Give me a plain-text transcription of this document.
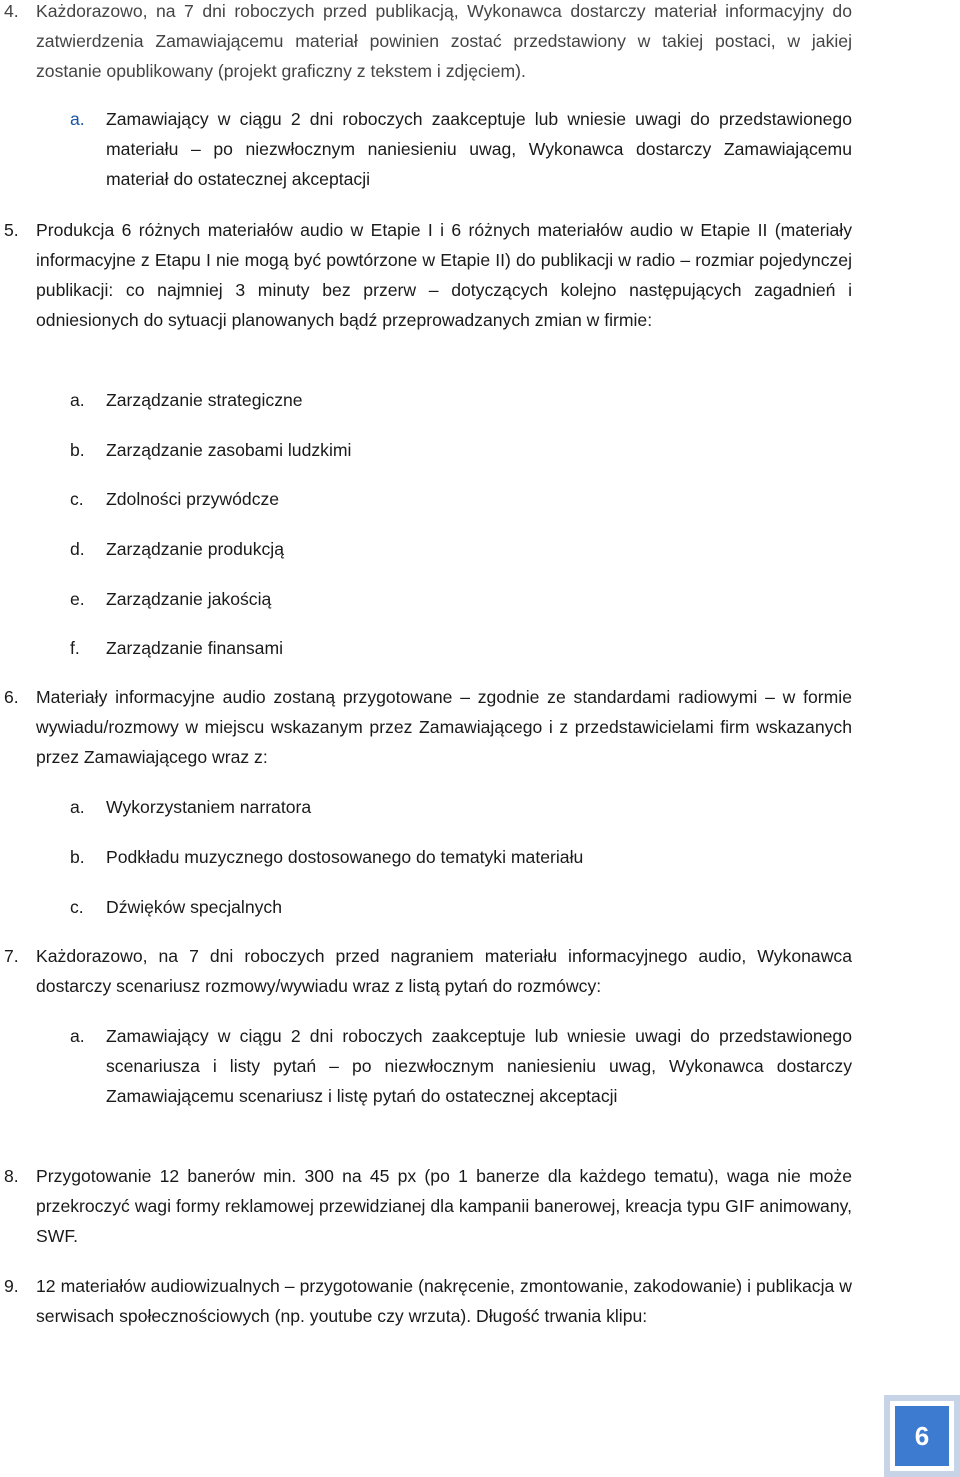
4. Każdorazowo, na 7 dni roboczych przed publikacją, Wykonawca dostarczy materiał informacyjny do zatwierdzenia Zamawiającemu materiał powinien zostać przedstawiony w takiej postaci, w jakiej zostanie opublikowany (projekt graficzny z tekstem i zdjęciem).
a. Zamawiający w ciągu 2 dni roboczych zaakceptuje lub wniesie uwagi do przedstawionego materiału – po niezwłocznym naniesieniu uwag, Wykonawca dostarczy Zamawiającemu materiał do ostatecznej akceptacji
5. Produkcja 6 różnych materiałów audio w Etapie I i 6 różnych materiałów audio w Etapie II (materiały informacyjne z Etapu I nie mogą być powtórzone w Etapie II) do publikacji w radio – rozmiar pojedynczej publikacji: co najmniej 3 minuty bez przerw – dotyczących kolejno następujących zagadnień i odniesionych do sytuacji planowanych bądź przeprowadzanych zmian w firmie:
a. Zarządzanie strategiczne
b. Zarządzanie zasobami ludzkimi
c. Zdolności przywódcze
d. Zarządzanie produkcją
e. Zarządzanie jakością
f. Zarządzanie finansami
6. Materiały informacyjne audio zostaną przygotowane – zgodnie ze standardami radiowymi – w formie wywiadu/rozmowy w miejscu wskazanym przez Zamawiającego i z przedstawicielami firm wskazanych przez Zamawiającego wraz z:
a. Wykorzystaniem narratora
b. Podkładu muzycznego dostosowanego do tematyki materiału
c. Dźwięków specjalnych
7. Każdorazowo, na 7 dni roboczych przed nagraniem materiału informacyjnego audio, Wykonawca dostarczy scenariusz rozmowy/wywiadu wraz z listą pytań do rozmówcy:
a. Zamawiający w ciągu 2 dni roboczych zaakceptuje lub wniesie uwagi do przedstawionego scenariusza i listy pytań – po niezwłocznym naniesieniu uwag, Wykonawca dostarczy Zamawiającemu scenariusz i listę pytań do ostatecznej akceptacji
8. Przygotowanie 12 banerów min. 300 na 45 px (po 1 banerze dla każdego tematu), waga nie może przekroczyć wagi formy reklamowej przewidzianej dla kampanii banerowej, kreacja typu GIF animowany, SWF.
9. 12 materiałów audiowizualnych – przygotowanie (nakręcenie, zmontowanie, zakodowanie) i publikacja w serwisach społecznościowych (np. youtube czy wrzuta). Długość trwania klipu:
6
